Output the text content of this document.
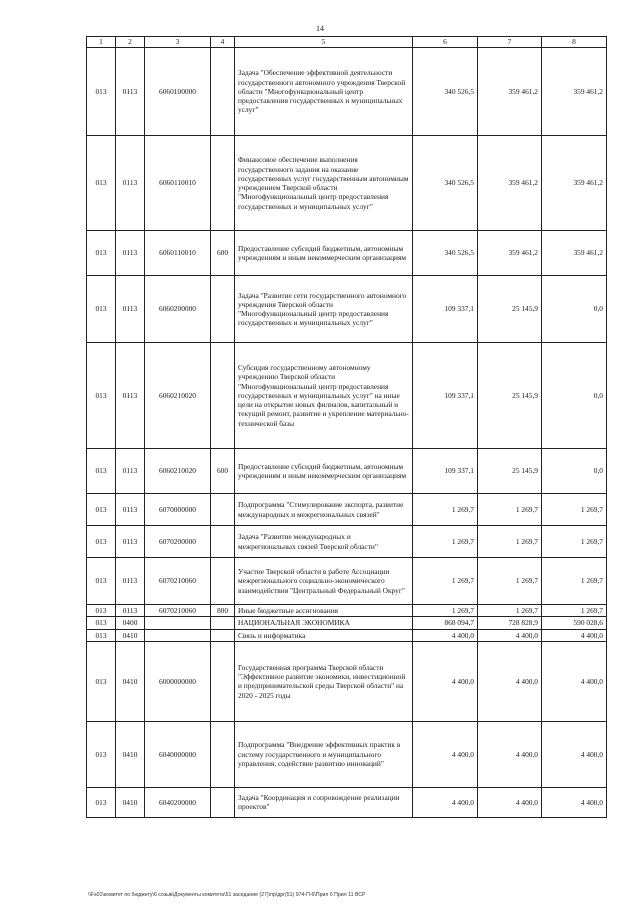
14
1	2	3	4	5	6	7	8
013	0113	6060100000		Задача "Обеспечение эффективной деятельности государственного автономного учреждения Тверской области "Многофункциональный центр предоставления государственных и муниципальных услуг"	340 526,5	359 461,2	359 461,2
013	0113	6060110010		Финансовое обеспечение выполнения государственного задания на оказание государственных услуг государственным автономным учреждением Тверской области "Многофункциональный центр предоставления государственных и муниципальных услуг"	340 526,5	359 461,2	359 461,2
013	0113	6060110010	600	Предоставление субсидий бюджетным, автономным учреждениям и иным некоммерческим организациям	340 526,5	359 461,2	359 461,2
013	0113	6060200000		Задача "Развитие сети государственного автономного учреждения Тверской области "Многофункциональный центр предоставления государственных и муниципальных услуг"	109 337,1	25 145,9	0,0
013	0113	6060210020		Субсидия государственному автономному учреждению Тверской области "Многофункциональный центр предоставления государственных и муниципальных услуг" на иные цели на открытие новых филиалов, капитальный и текущий ремонт, развитие и укрепление материально-технической базы	109 337,1	25 145,9	0,0
013	0113	6060210020	600	Предоставление субсидий бюджетным, автономным учреждениям и иным некоммерческим организациям	109 337,1	25 145,9	0,0
013	0113	6070000000		Подпрограмма "Стимулирование экспорта, развитие международных и межрегиональных связей"	1 269,7	1 269,7	1 269,7
013	0113	6070200000		Задача "Развитие международных и межрегиональных связей Тверской области"	1 269,7	1 269,7	1 269,7
013	0113	6070210060		Участие Тверской области в работе Ассоциации межрегионального социально-экономического взаимодействия "Центральный Федеральный Округ"	1 269,7	1 269,7	1 269,7
013	0113	6070210060	800	Иные бюджетные ассигнования	1 269,7	1 269,7	1 269,7
013	0400			НАЦИОНАЛЬНАЯ ЭКОНОМИКА	868 094,7	728 828,9	590 028,6
013	0410			Связь и информатика	4 400,0	4 400,0	4 400,0
013	0410	6000000000		Государственная программа Тверской области "Эффективное развитие экономики, инвестиционной и предпринимательской среды Тверской области" на 2020 - 2025 годы	4 400,0	4 400,0	4 400,0
013	0410	6040000000		Подпрограмма "Внедрение эффективных практик в систему государственного и муниципального управления, содействие развитию инноваций"	4 400,0	4 400,0	4 400,0
013	0410	6040200000		Задача "Координация и сопровождение реализации проектов"	4 400,0	4 400,0	4 400,0
\\Fs01\комитет по бюджету\6 созыв\Документы комитета\51 заседание (27)\пр\дрг(51) 974-П-6\Прил 6 Прил 11 ВСР
